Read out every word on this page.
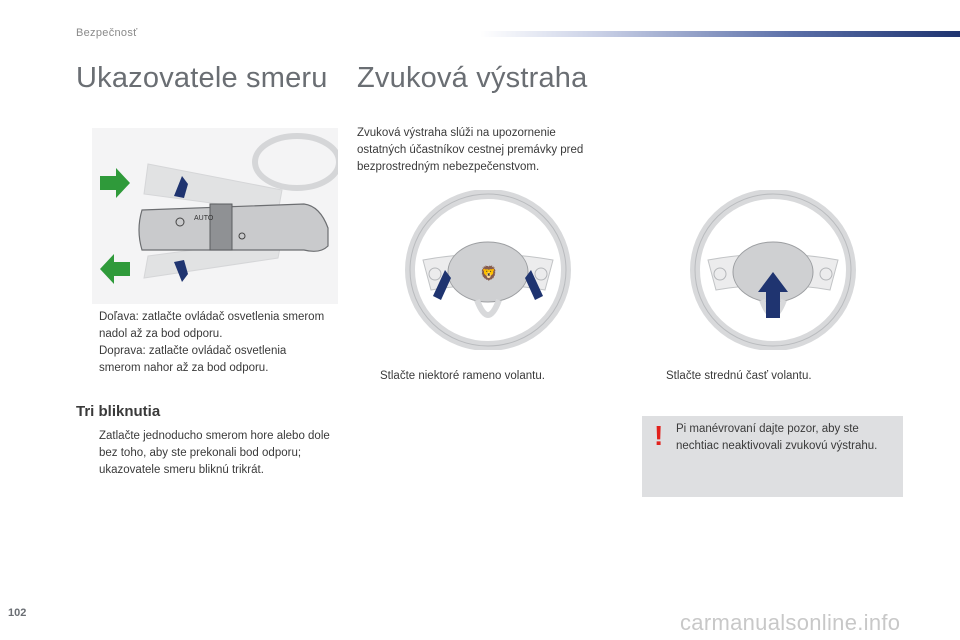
Bezpečnosť
Ukazovatele smeru Zvuková výstraha
AUTO
Doľava: zatlačte ovládač osvetlenia smerom nadol až za bod odporu.
Doprava: zatlačte ovládač osvetlenia smerom nahor až za bod odporu.
Tri bliknutia
Zatlačte jednoducho smerom hore alebo dole bez toho, aby ste prekonali bod odporu; ukazovatele smeru bliknú trikrát.

Zvuková výstraha slúži na upozornenie ostatných účastníkov cestnej premávky pred bezprostredným nebezpečenstvom.

🦁
Stlačte niektoré rameno volantu.	Stlačte strednú časť volantu.
! Pi manévrovaní dajte pozor, aby ste nechtiac neaktivovali zvukovú výstrahu.
102	carmanualsonline.info
